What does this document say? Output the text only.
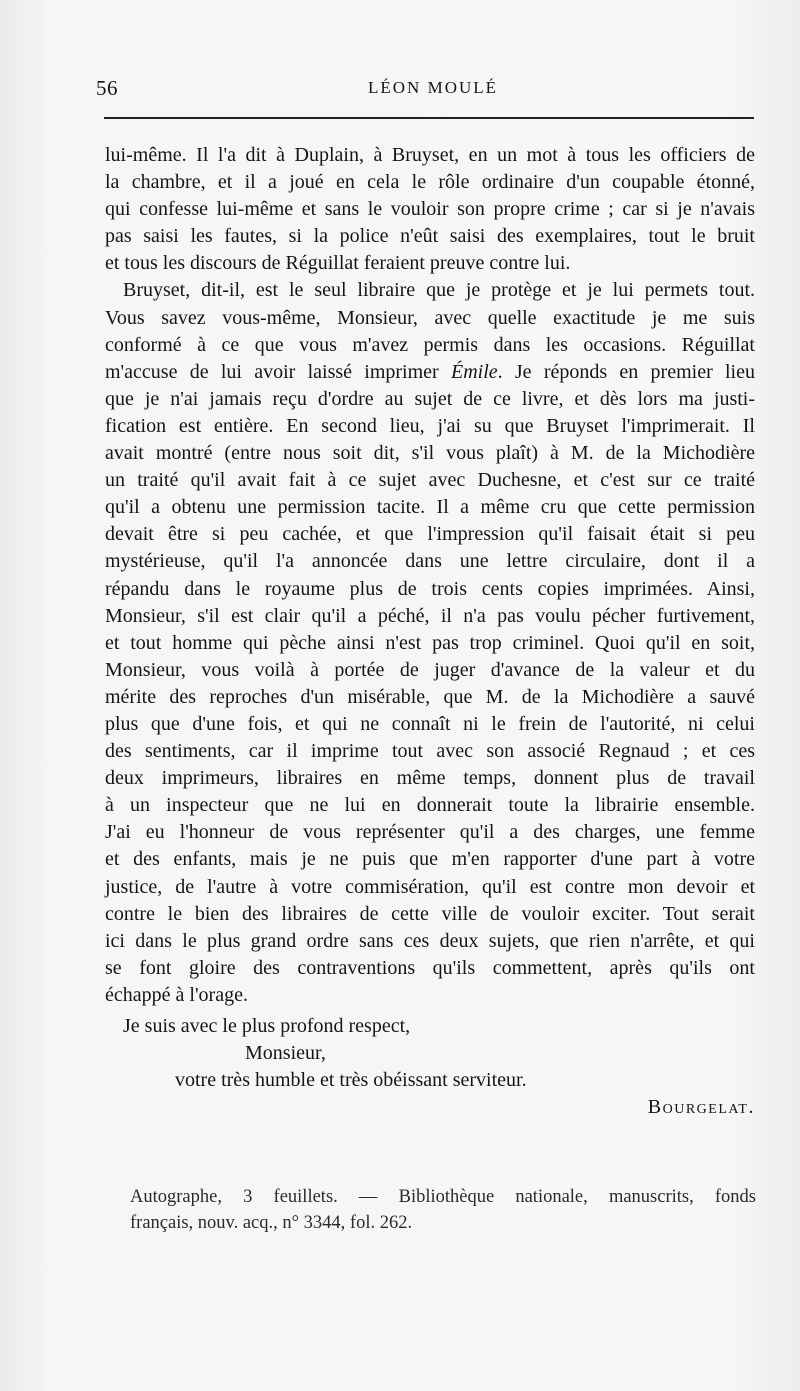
56	LÉON MOULÉ
lui-même. Il l'a dit à Duplain, à Bruyset, en un mot à tous les officiers de
la chambre, et il a joué en cela le rôle ordinaire d'un coupable étonné,
qui confesse lui-même et sans le vouloir son propre crime ; car si je n'avais
pas saisi les fautes, si la police n'eût saisi des exemplaires, tout le bruit
et tous les discours de Réguillat feraient preuve contre lui.
Bruyset, dit-il, est le seul libraire que je protège et je lui permets tout.
Vous savez vous-même, Monsieur, avec quelle exactitude je me suis
conformé à ce que vous m'avez permis dans les occasions. Réguillat
m'accuse de lui avoir laissé imprimer Émile. Je réponds en premier lieu
que je n'ai jamais reçu d'ordre au sujet de ce livre, et dès lors ma justi-
fication est entière. En second lieu, j'ai su que Bruyset l'imprimerait. Il
avait montré (entre nous soit dit, s'il vous plaît) à M. de la Michodière
un traité qu'il avait fait à ce sujet avec Duchesne, et c'est sur ce traité
qu'il a obtenu une permission tacite. Il a même cru que cette permission
devait être si peu cachée, et que l'impression qu'il faisait était si peu
mystérieuse, qu'il l'a annoncée dans une lettre circulaire, dont il a
répandu dans le royaume plus de trois cents copies imprimées. Ainsi,
Monsieur, s'il est clair qu'il a péché, il n'a pas voulu pécher furtivement,
et tout homme qui pèche ainsi n'est pas trop criminel. Quoi qu'il en soit,
Monsieur, vous voilà à portée de juger d'avance de la valeur et du
mérite des reproches d'un misérable, que M. de la Michodière a sauvé
plus que d'une fois, et qui ne connaît ni le frein de l'autorité, ni celui
des sentiments, car il imprime tout avec son associé Regnaud ; et ces
deux imprimeurs, libraires en même temps, donnent plus de travail
à un inspecteur que ne lui en donnerait toute la librairie ensemble.
J'ai eu l'honneur de vous représenter qu'il a des charges, une femme
et des enfants, mais je ne puis que m'en rapporter d'une part à votre
justice, de l'autre à votre commisération, qu'il est contre mon devoir et
contre le bien des libraires de cette ville de vouloir exciter. Tout serait
ici dans le plus grand ordre sans ces deux sujets, que rien n'arrête, et qui
se font gloire des contraventions qu'ils commettent, après qu'ils ont
échappé à l'orage.
Je suis avec le plus profond respect,
Monsieur,
votre très humble et très obéissant serviteur.
Bourgelat.
Autographe, 3 feuillets. — Bibliothèque nationale, manuscrits, fonds
français, nouv. acq., n° 3344, fol. 262.
